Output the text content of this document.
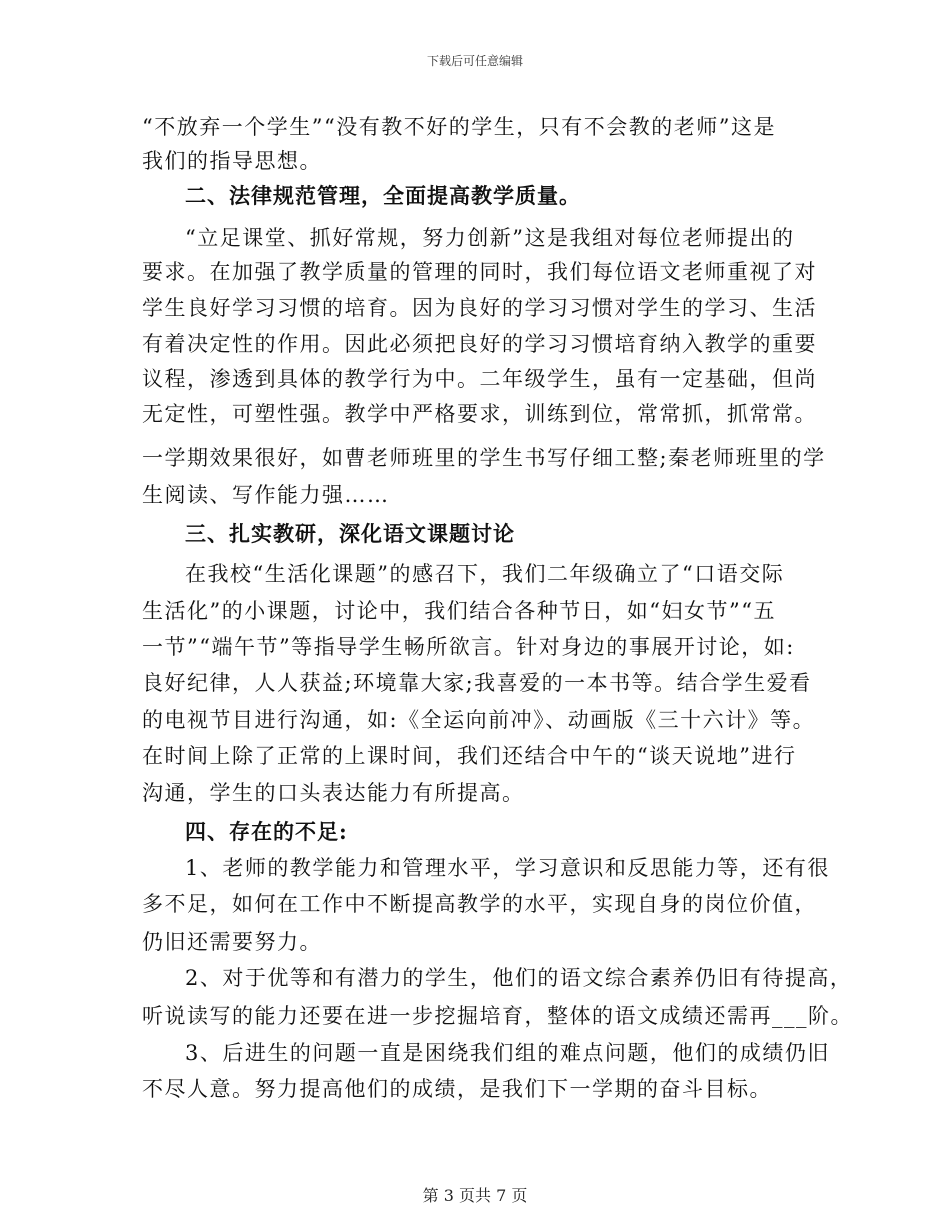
下载后可任意编辑
“不放弃一个学生”“没有教不好的学生，只有不会教的老师”这是
我们的指导思想。
二、法律规范管理，全面提高教学质量。
“立足课堂、抓好常规，努力创新”这是我组对每位老师提出的
要求。在加强了教学质量的管理的同时，我们每位语文老师重视了对
学生良好学习习惯的培育。因为良好的学习习惯对学生的学习、生活
有着决定性的作用。因此必须把良好的学习习惯培育纳入教学的重要
议程，渗透到具体的教学行为中。二年级学生，虽有一定基础，但尚
无定性，可塑性强。教学中严格要求，训练到位，常常抓，抓常常。
一学期效果很好，如曹老师班里的学生书写仔细工整;秦老师班里的学
生阅读、写作能力强……
三、扎实教研，深化语文课题讨论
在我校“生活化课题”的感召下，我们二年级确立了“口语交际
生活化”的小课题，讨论中，我们结合各种节日，如“妇女节”“五
一节”“端午节”等指导学生畅所欲言。针对身边的事展开讨论，如:
良好纪律，人人获益;环境靠大家;我喜爱的一本书等。结合学生爱看
的电视节目进行沟通，如:《全运向前冲》、动画版《三十六计》等。
在时间上除了正常的上课时间，我们还结合中午的“谈天说地”进行
沟通，学生的口头表达能力有所提高。
四、存在的不足:
1、老师的教学能力和管理水平，学习意识和反思能力等，还有很
多不足，如何在工作中不断提高教学的水平，实现自身的岗位价值，
仍旧还需要努力。
2、对于优等和有潜力的学生，他们的语文综合素养仍旧有待提高，
听说读写的能力还要在进一步挖掘培育，整体的语文成绩还需再___阶。
3、后进生的问题一直是困绕我们组的难点问题，他们的成绩仍旧
不尽人意。努力提高他们的成绩，是我们下一学期的奋斗目标。
第 3 页共 7 页
